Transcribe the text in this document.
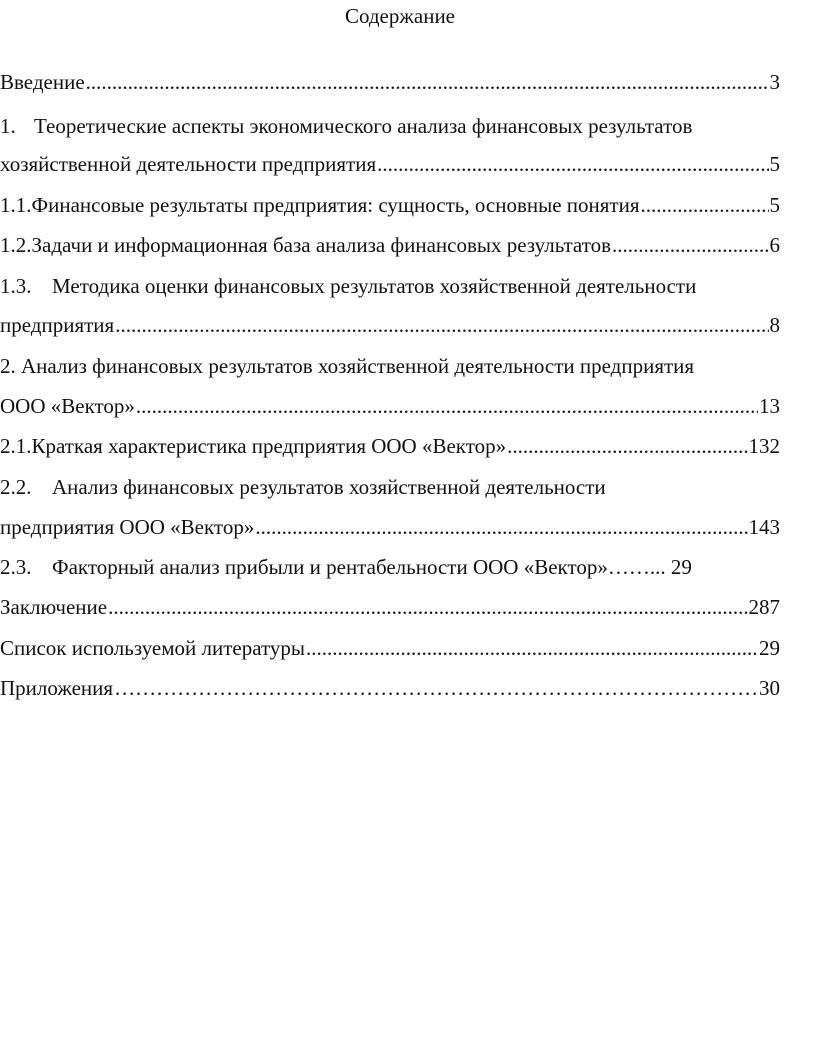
Содержание
Введение .....	3
1. Теоретические аспекты экономического анализа финансовых результатов
хозяйственной деятельности предприятия .....	5
1.1. Финансовые результаты предприятия: сущность, основные понятия .....	5
1.2. Задачи и информационная база анализа финансовых результатов .....	6
1.3. Методика оценки финансовых результатов хозяйственной деятельности
предприятия .....	8
2. Анализ финансовых результатов хозяйственной деятельности предприятия
ООО «Вектор» .....	13
2.1. Краткая характеристика предприятия ООО «Вектор» .....	132
2.2. Анализ финансовых результатов хозяйственной деятельности
предприятия ООО «Вектор» .....	143
2.3. Факторный анализ прибыли и рентабельности ООО «Вектор»……... 29
Заключение .....	287
Список используемой литературы .....	29
Приложения ………………………………………………………………………………………………………………………	30
